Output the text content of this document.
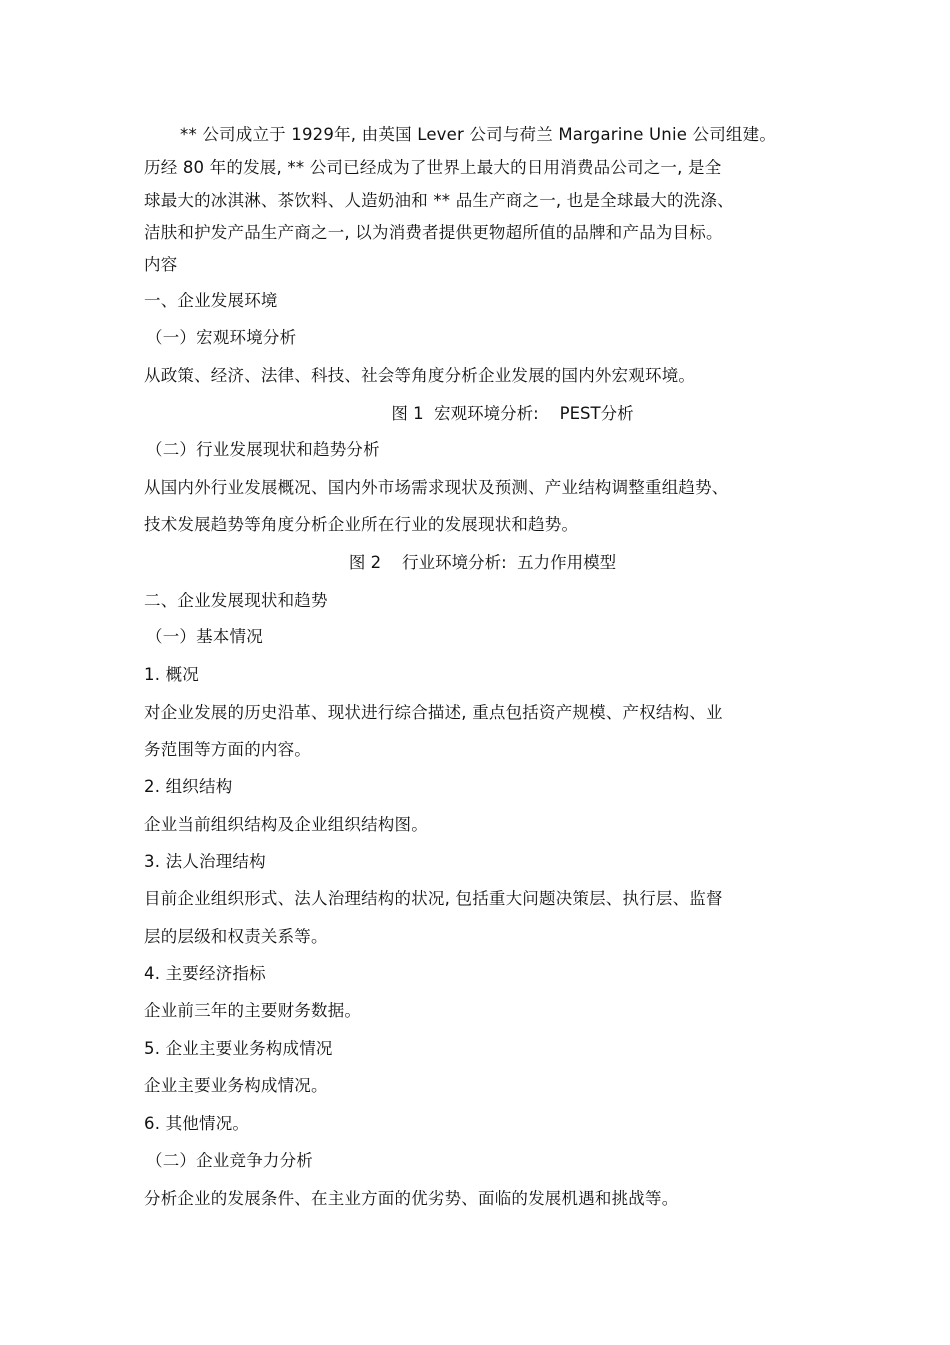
** 公司成立于 1929年, 由英国 Lever 公司与荷兰 Margarine Unie 公司组建。
历经 80 年的发展, ** 公司已经成为了世界上最大的日用消费品公司之一, 是全
球最大的冰淇淋、茶饮料、人造奶油和 ** 品生产商之一, 也是全球最大的洗涤、
洁肤和护发产品生产商之一, 以为消费者提供更物超所值的品牌和产品为目标。
内容
一、企业发展环境
（一）宏观环境分析
从政策、经济、法律、科技、社会等角度分析企业发展的国内外宏观环境。
图 1  宏观环境分析:    PEST分析
（二）行业发展现状和趋势分析
从国内外行业发展概况、国内外市场需求现状及预测、产业结构调整重组趋势、
技术发展趋势等角度分析企业所在行业的发展现状和趋势。
图 2    行业环境分析:  五力作用模型
二、企业发展现状和趋势
（一）基本情况
1. 概况
对企业发展的历史沿革、现状进行综合描述, 重点包括资产规模、产权结构、业
务范围等方面的内容。
2. 组织结构
企业当前组织结构及企业组织结构图。
3. 法人治理结构
目前企业组织形式、法人治理结构的状况, 包括重大问题决策层、执行层、监督
层的层级和权责关系等。
4. 主要经济指标
企业前三年的主要财务数据。
5. 企业主要业务构成情况
企业主要业务构成情况。
6. 其他情况。
（二）企业竞争力分析
分析企业的发展条件、在主业方面的优劣势、面临的发展机遇和挑战等。
